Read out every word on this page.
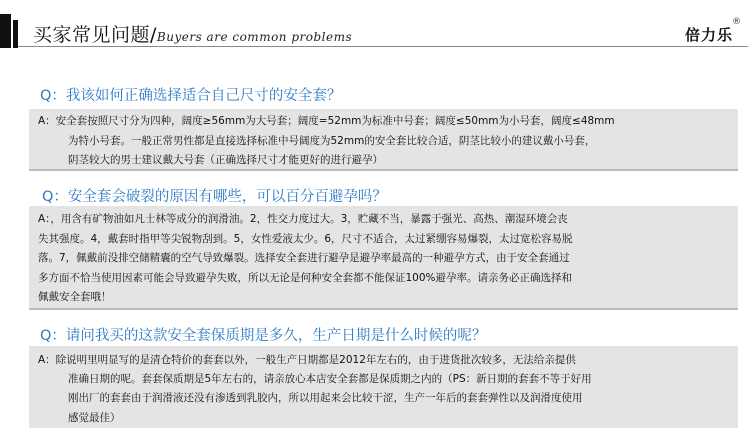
买家常见问题/Buyers are common problems	倍力乐
®
Q：我该如何正确选择适合自己尺寸的安全套？

A：安全套按照尺寸分为四种，阔度≥56mm为大号套；阔度=52mm为标准中号套；阔度≤50mm为小号套，阔度≤48mm

为特小号套。一般正常男性都是直接选择标准中号阔度为52mm的安全套比较合适，阴茎比较小的建议戴小号套，

阴茎较大的男士建议戴大号套（正确选择尺寸才能更好的进行避孕）

Q：安全套会破裂的原因有哪些，可以百分百避孕吗？

A：，用含有矿物油如凡士林等成分的润滑油。2，性交力度过大。3，贮藏不当，暴露于强光、高热、潮湿环境会丧

失其强度。4，戴套时指甲等尖锐物刮到。5，女性爱液太少。6，尺寸不适合，太过紧绷容易爆裂，太过宽松容易脱

落。7，佩戴前没排空储精囊的空气导致爆裂。选择安全套进行避孕是避孕率最高的一种避孕方式，由于安全套通过

多方面不恰当使用因素可能会导致避孕失败，所以无论是何种安全套都不能保证100%避孕率。请亲务必正确选择和

佩戴安全套哦！

Q：请问我买的这款安全套保质期是多久，生产日期是什么时候的呢？

A：除说明里明显写的是清仓特价的套套以外，一般生产日期都是2012年左右的，由于进货批次较多，无法给亲提供

准确日期的呢。套套保质期是5年左右的，请亲放心本店安全套都是保质期之内的（PS：新日期的套套不等于好用

刚出厂的套套由于润滑液还没有渗透到乳胶内，所以用起来会比较干涩，生产一年后的套套弹性以及润滑度使用

感觉最佳）
